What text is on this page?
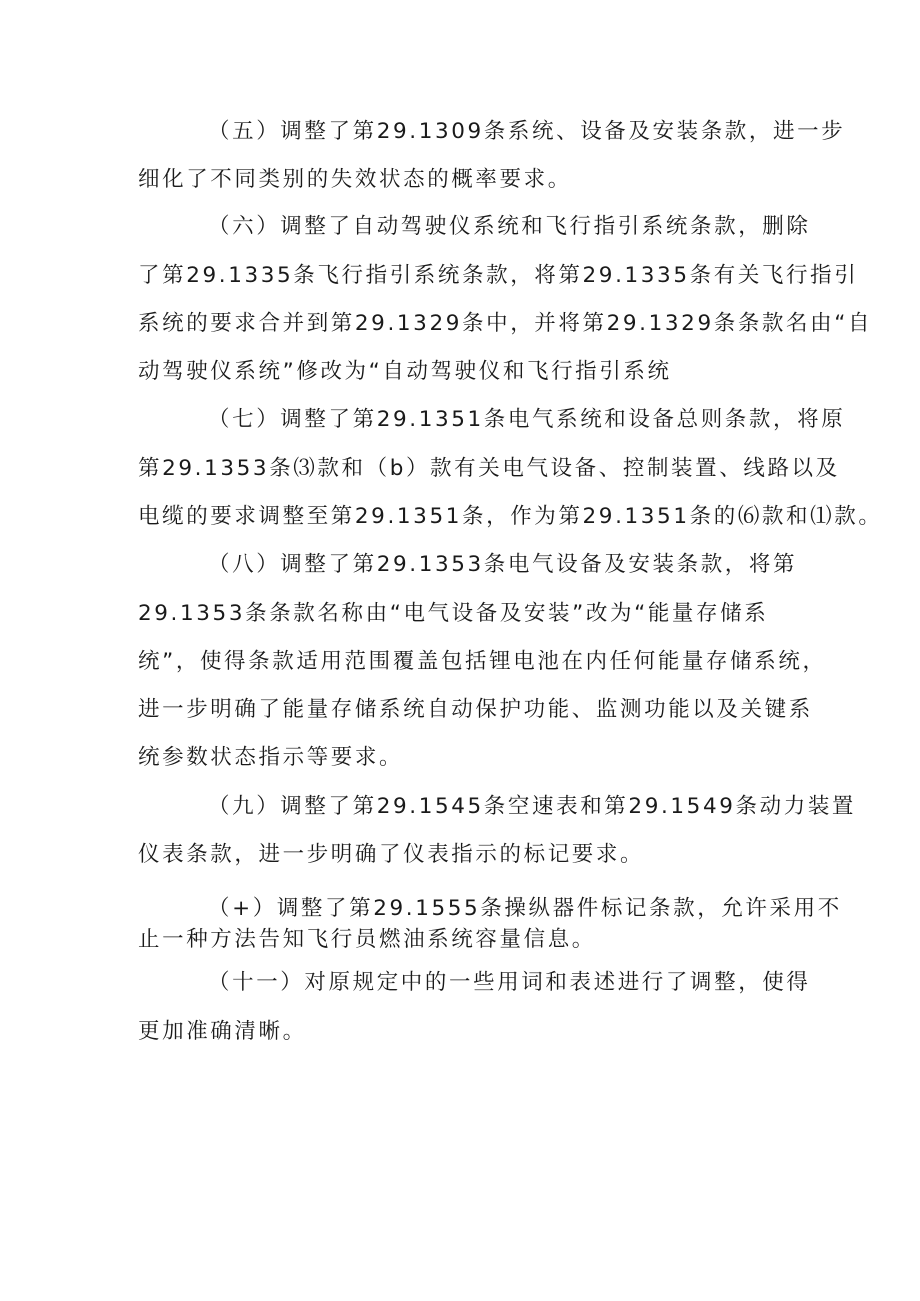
（五）调整了第29.1309条系统、设备及安装条款，进一步
细化了不同类别的失效状态的概率要求。
（六）调整了自动驾驶仪系统和飞行指引系统条款，删除
了第29.1335条飞行指引系统条款，将第29.1335条有关飞行指引
系统的要求合并到第29.1329条中，并将第29.1329条条款名由“自
动驾驶仪系统”修改为“自动驾驶仪和飞行指引系统
（七）调整了第29.1351条电气系统和设备总则条款，将原
第29.1353条⑶款和（b）款有关电气设备、控制装置、线路以及
电缆的要求调整至第29.1351条，作为第29.1351条的⑹款和⑴款。
（八）调整了第29.1353条电气设备及安装条款，将第
29.1353条条款名称由“电气设备及安装”改为“能量存储系
统”，使得条款适用范围覆盖包括锂电池在内任何能量存储系统，
进一步明确了能量存储系统自动保护功能、监测功能以及关键系
统参数状态指示等要求。
（九）调整了第29.1545条空速表和第29.1549条动力装置
仪表条款，进一步明确了仪表指示的标记要求。
（+）调整了第29.1555条操纵器件标记条款，允许采用不
止一种方法告知飞行员燃油系统容量信息。
（十一）对原规定中的一些用词和表述进行了调整，使得
更加准确清晰。
